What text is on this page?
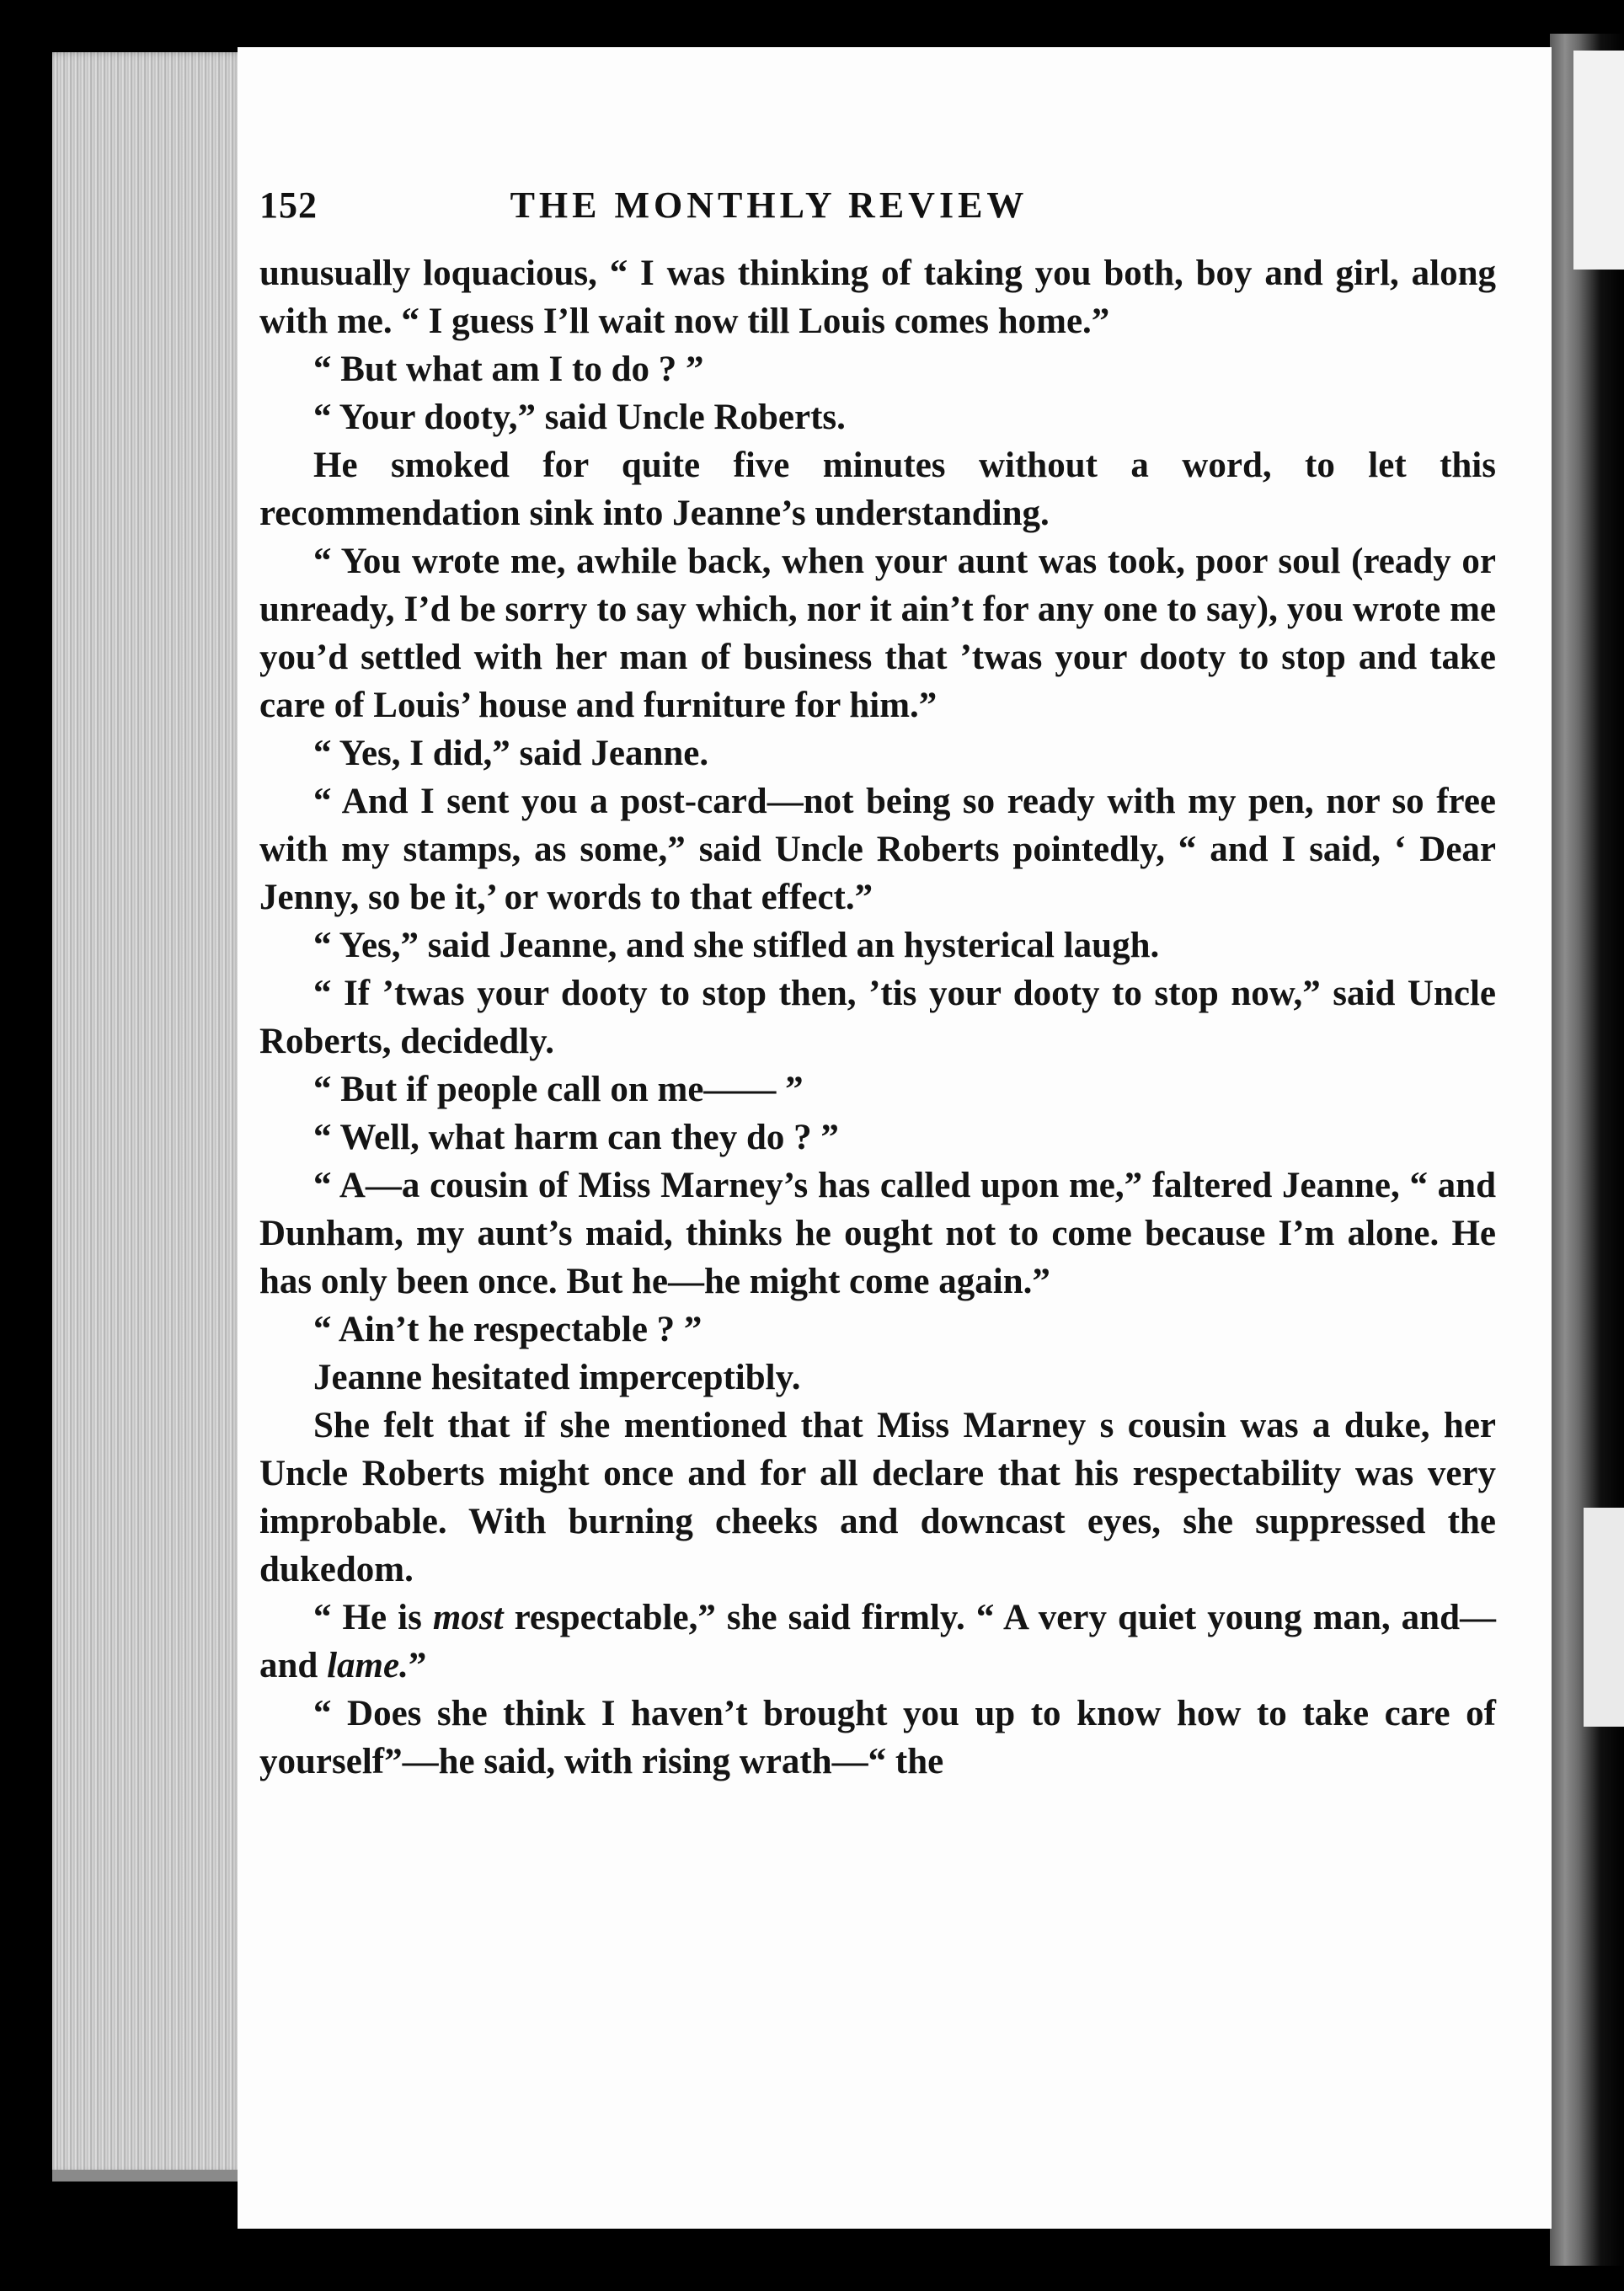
152	THE MONTHLY REVIEW

unusually loquacious, “ I was thinking of taking you both, boy and girl, along with me. “ I guess I’ll wait now till Louis comes home.”

“ But what am I to do ? ”

“ Your dooty,” said Uncle Roberts.

He smoked for quite five minutes without a word, to let this recommendation sink into Jeanne’s understanding.

“ You wrote me, awhile back, when your aunt was took, poor soul (ready or unready, I’d be sorry to say which, nor it ain’t for any one to say), you wrote me you’d settled with her man of business that ’twas your dooty to stop and take care of Louis’ house and furniture for him.”

“ Yes, I did,” said Jeanne.

“ And I sent you a post-card—not being so ready with my pen, nor so free with my stamps, as some,” said Uncle Roberts pointedly, “ and I said, ‘ Dear Jenny, so be it,’ or words to that effect.”

“ Yes,” said Jeanne, and she stifled an hysterical laugh.

“ If ’twas your dooty to stop then, ’tis your dooty to stop now,” said Uncle Roberts, decidedly.

“ But if people call on me—— ”

“ Well, what harm can they do ? ”

“ A—a cousin of Miss Marney’s has called upon me,” faltered Jeanne, “ and Dunham, my aunt’s maid, thinks he ought not to come because I’m alone. He has only been once. But he—he might come again.”

“ Ain’t he respectable ? ”

Jeanne hesitated imperceptibly.

She felt that if she mentioned that Miss Marney s cousin was a duke, her Uncle Roberts might once and for all declare that his respectability was very improbable. With burning cheeks and downcast eyes, she suppressed the dukedom.

“ He is most respectable,” she said firmly. “ A very quiet young man, and—and lame.”

“ Does she think I haven’t brought you up to know how to take care of yourself”—he said, with rising wrath—“ the
